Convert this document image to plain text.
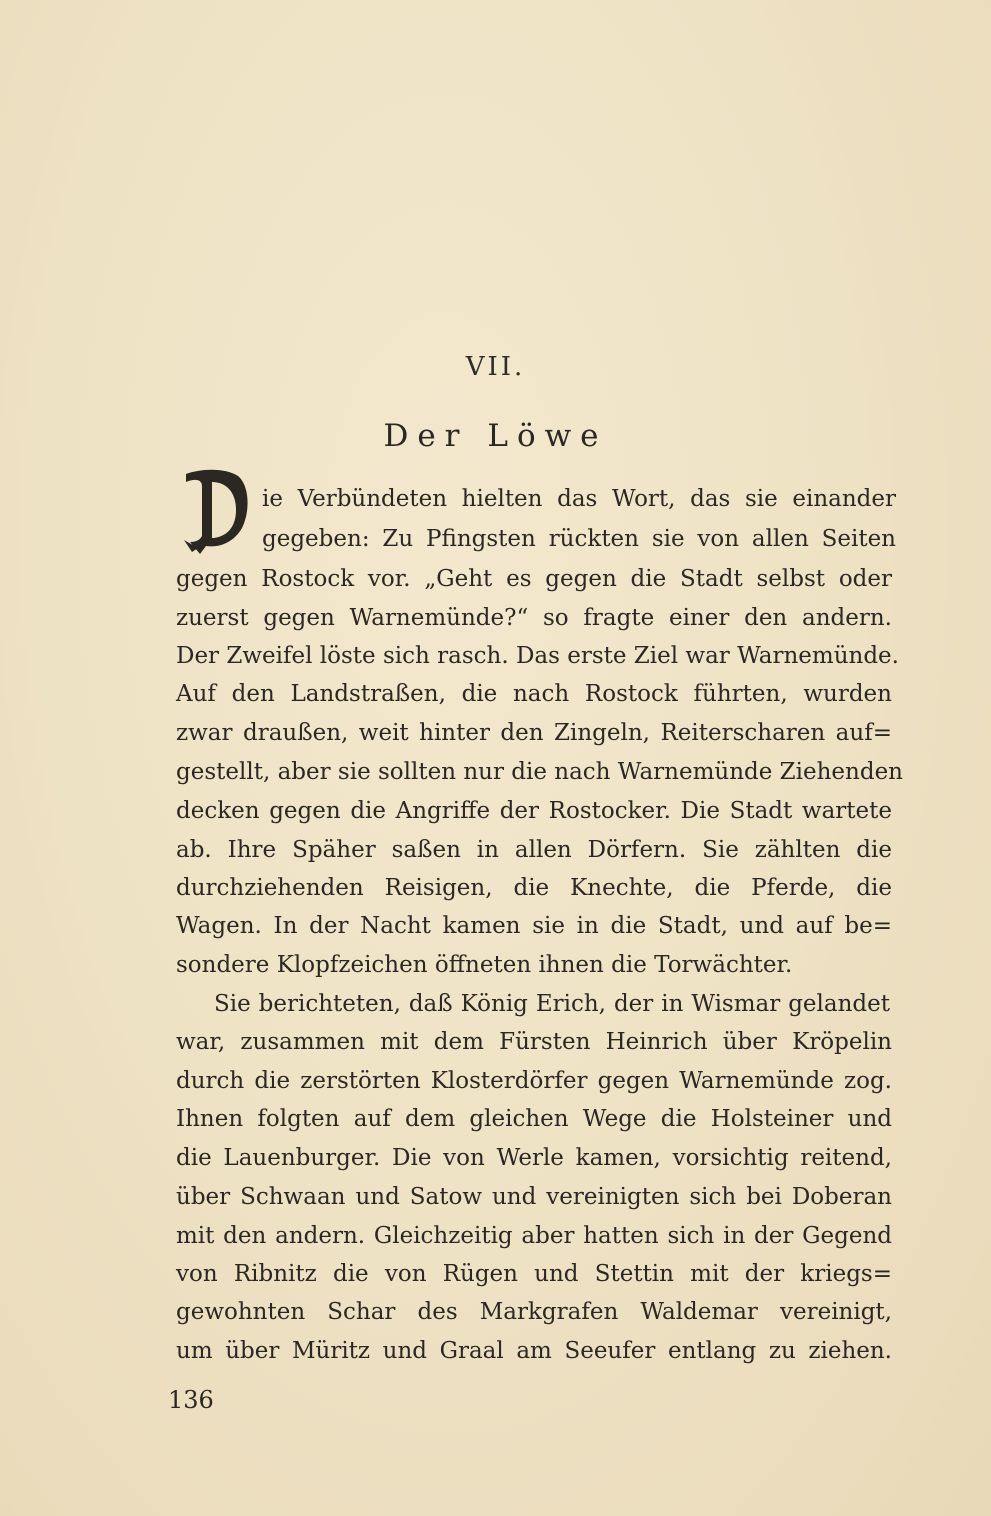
VII.
Der Löwe
ie Verbündeten hielten das Wort, das sie einander
gegeben: Zu Pfingsten rückten sie von allen Seiten
gegen Rostock vor. „Geht es gegen die Stadt selbst oder
zuerst gegen Warnemünde?“ so fragte einer den andern.
Der Zweifel löste sich rasch. Das erste Ziel war Warnemünde.
Auf den Landstraßen, die nach Rostock führten, wurden
zwar draußen, weit hinter den Zingeln, Reiterscharen auf=
gestellt, aber sie sollten nur die nach Warnemünde Ziehenden
decken gegen die Angriffe der Rostocker. Die Stadt wartete
ab. Ihre Späher saßen in allen Dörfern. Sie zählten die
durchziehenden Reisigen, die Knechte, die Pferde, die
Wagen. In der Nacht kamen sie in die Stadt, und auf be=
sondere Klopfzeichen öffneten ihnen die Torwächter.
Sie berichteten, daß König Erich, der in Wismar gelandet
war, zusammen mit dem Fürsten Heinrich über Kröpelin
durch die zerstörten Klosterdörfer gegen Warnemünde zog.
Ihnen folgten auf dem gleichen Wege die Holsteiner und
die Lauenburger. Die von Werle kamen, vorsichtig reitend,
über Schwaan und Satow und vereinigten sich bei Doberan
mit den andern. Gleichzeitig aber hatten sich in der Gegend
von Ribnitz die von Rügen und Stettin mit der kriegs=
gewohnten Schar des Markgrafen Waldemar vereinigt,
um über Müritz und Graal am Seeufer entlang zu ziehen.
136
